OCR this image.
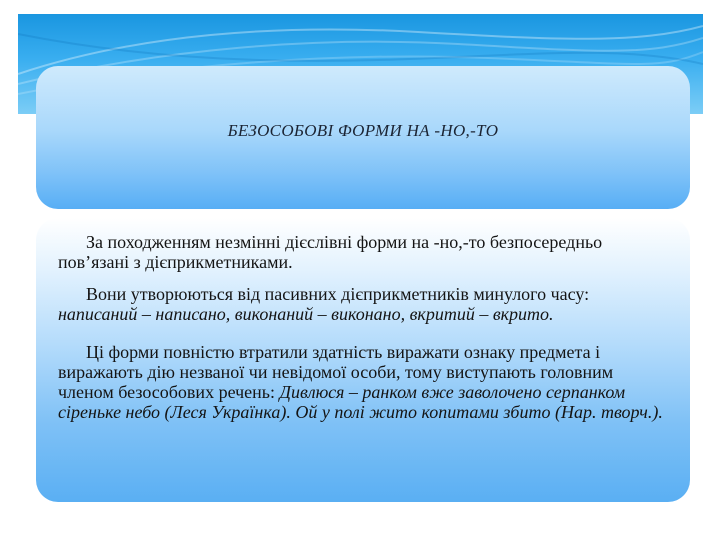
БЕЗОСОБОВІ ФОРМИ НА -НО,-ТО

За походженням незмінні дієслівні форми на -но,-то безпосередньо пов’язані з дієприкметниками.

Вони утворюються від пасивних дієприкметників минулого часу: написаний – написано, виконаний – виконано, вкритий – вкрито.

Ці форми повністю втратили здатність виражати ознаку предмета і виражають дію незваної чи невідомої особи, тому виступають головним членом безособових речень: Дивлюся – ранком вже заволочено серпанком сіреньке небо (Леся Українка). Ой у полі жито копитами збито (Нар. творч.).
